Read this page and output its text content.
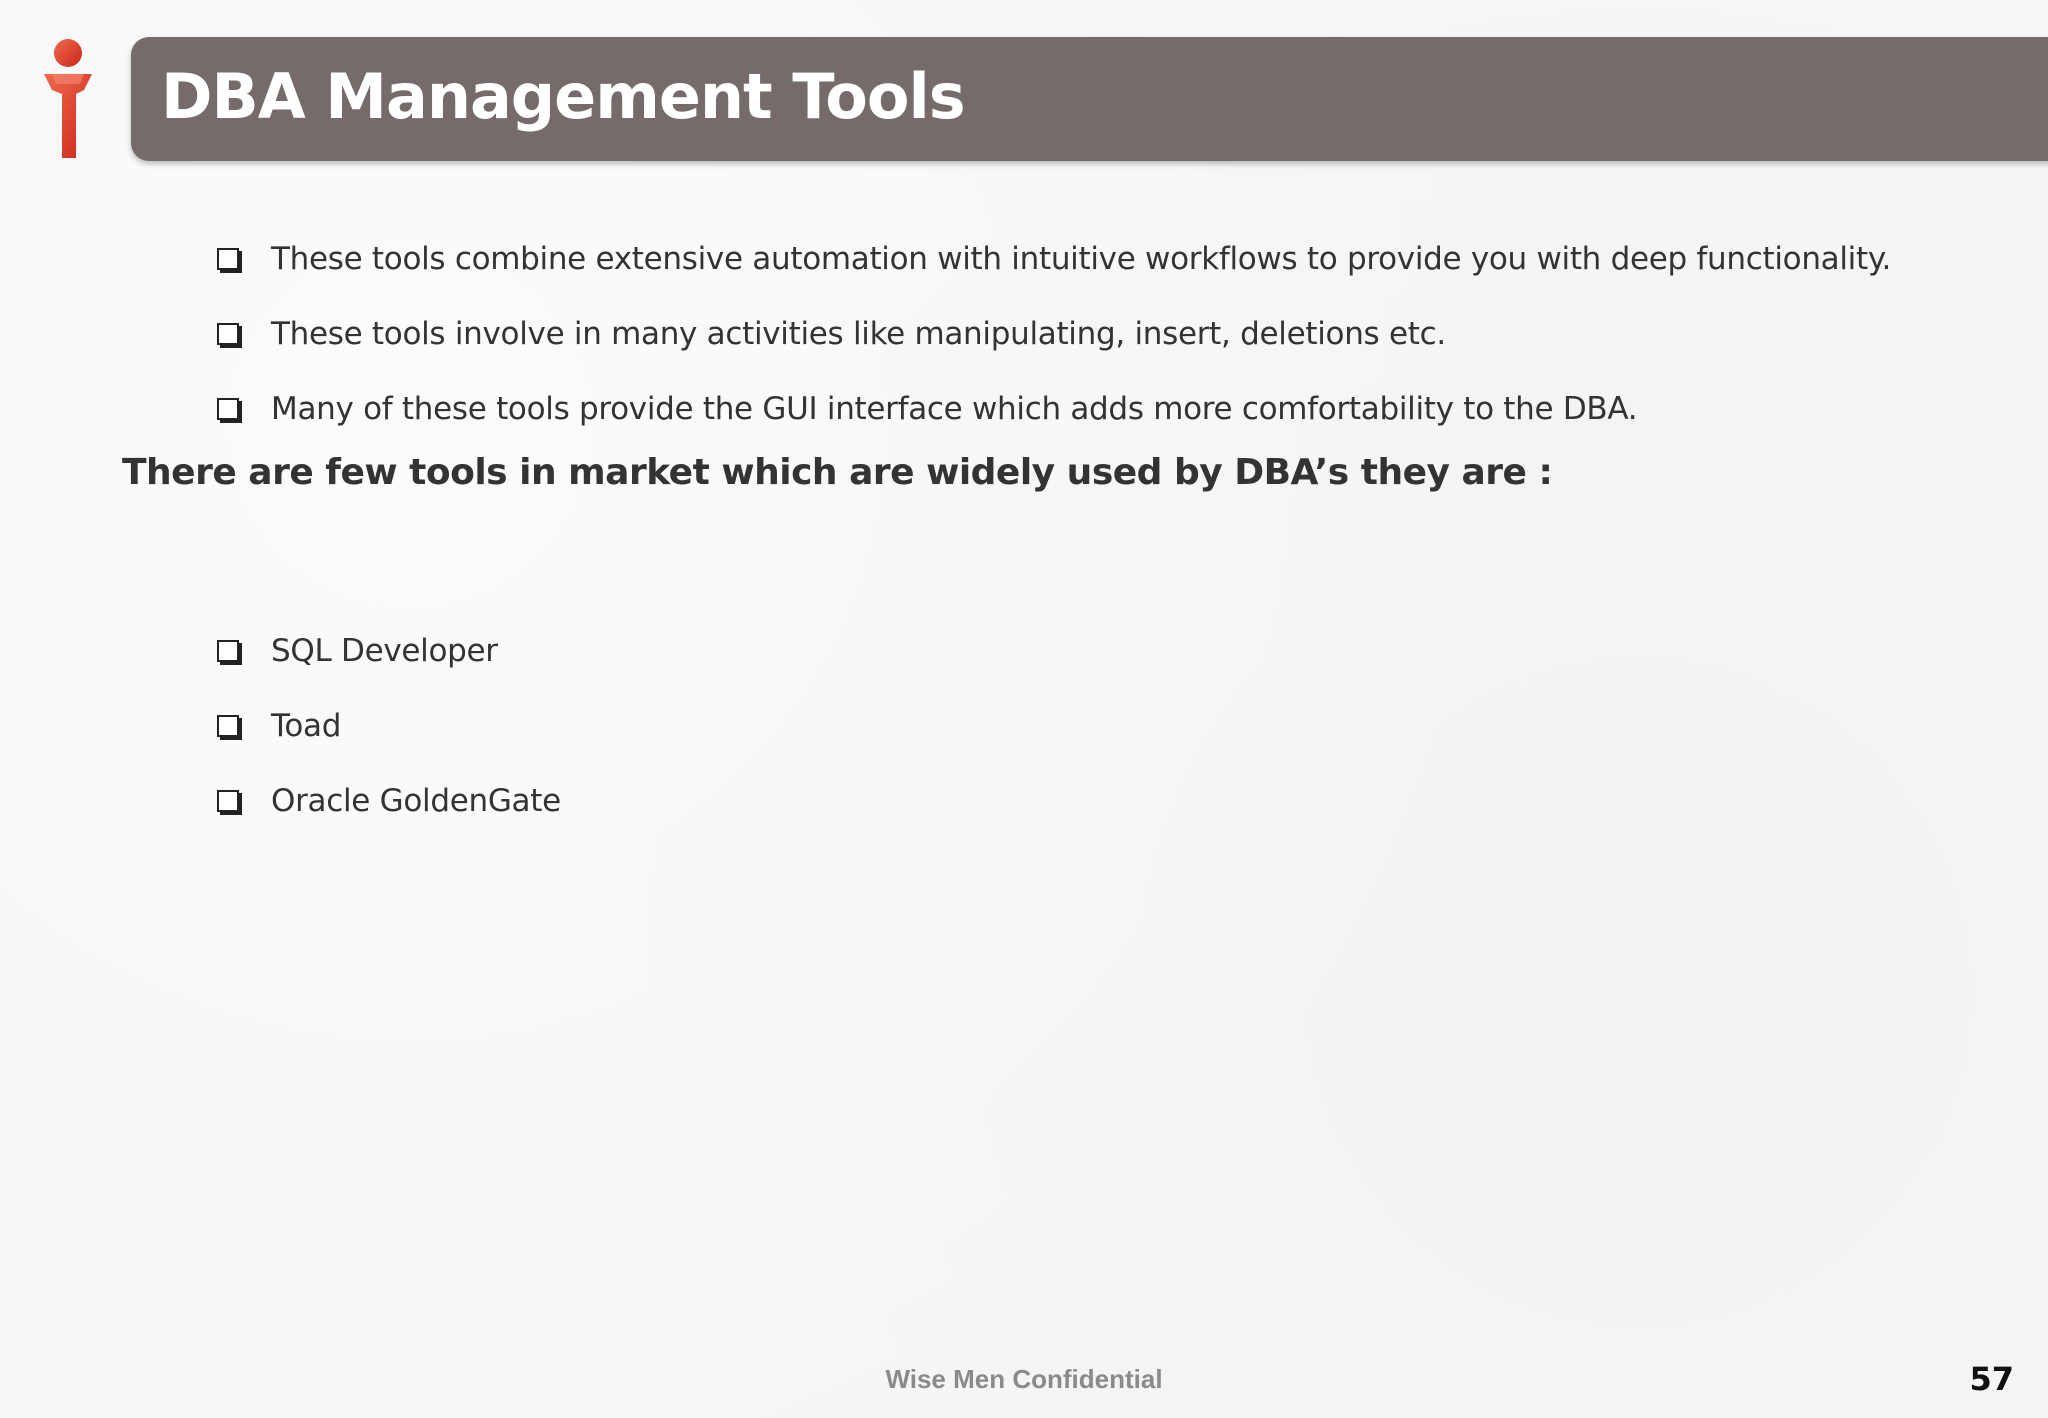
DBA Management Tools
These tools combine extensive automation with intuitive workflows to provide you with deep functionality.
These tools involve in many activities like manipulating, insert, deletions etc.
Many of these tools provide the GUI interface which adds more comfortability to the DBA.
There are few tools in market which are widely used by DBA’s they are :
SQL Developer
Toad
Oracle GoldenGate
Wise Men Confidential	57
